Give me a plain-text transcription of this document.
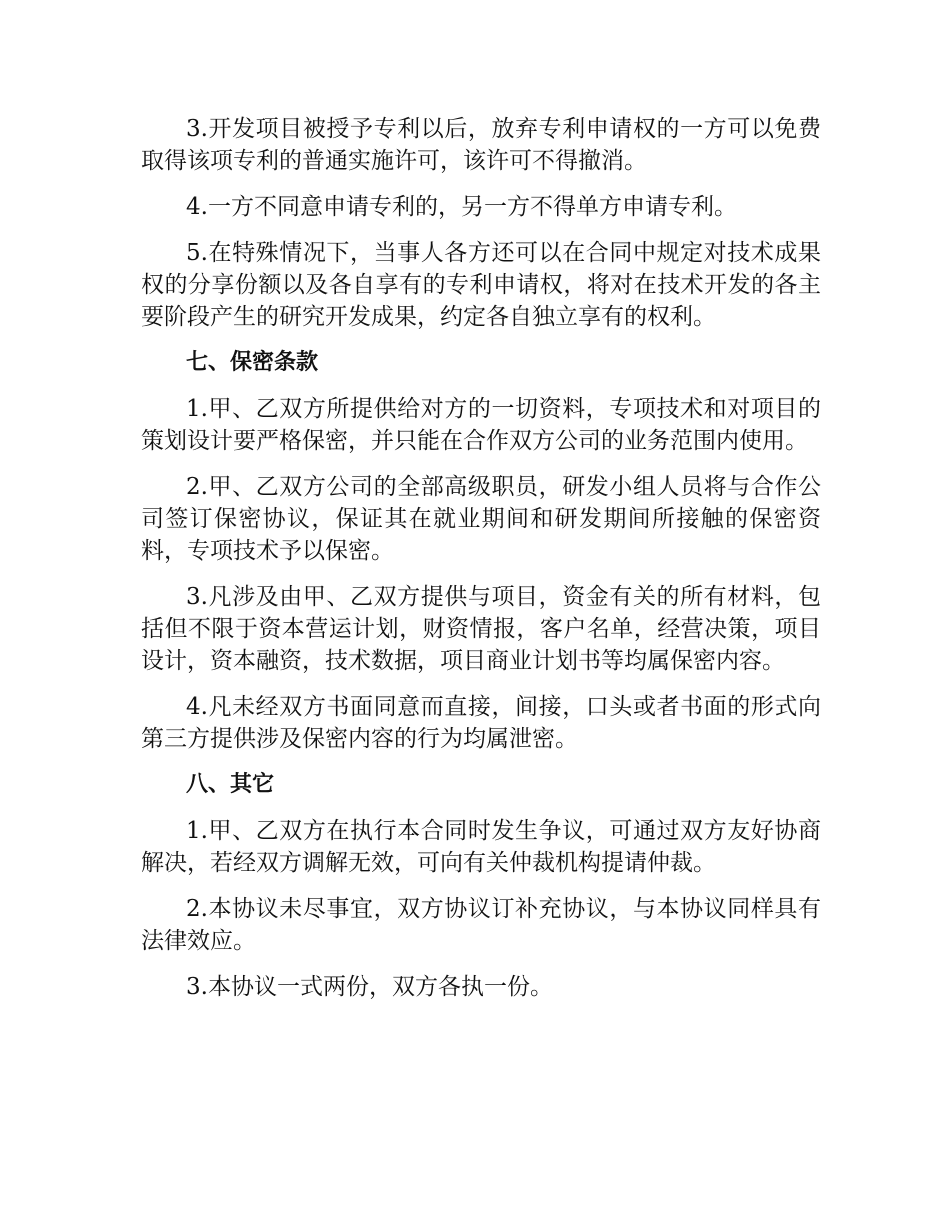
3.开发项目被授予专利以后，放弃专利申请权的一方可以免费取得该项专利的普通实施许可，该许可不得撤消。

4.一方不同意申请专利的，另一方不得单方申请专利。

5.在特殊情况下，当事人各方还可以在合同中规定对技术成果权的分享份额以及各自享有的专利申请权，将对在技术开发的各主要阶段产生的研究开发成果，约定各自独立享有的权利。

七、保密条款

1.甲、乙双方所提供给对方的一切资料，专项技术和对项目的策划设计要严格保密，并只能在合作双方公司的业务范围内使用。

2.甲、乙双方公司的全部高级职员，研发小组人员将与合作公司签订保密协议，保证其在就业期间和研发期间所接触的保密资料，专项技术予以保密。

3.凡涉及由甲、乙双方提供与项目，资金有关的所有材料，包括但不限于资本营运计划，财资情报，客户名单，经营决策，项目设计，资本融资，技术数据，项目商业计划书等均属保密内容。

4.凡未经双方书面同意而直接，间接，口头或者书面的形式向第三方提供涉及保密内容的行为均属泄密。

八、其它

1.甲、乙双方在执行本合同时发生争议，可通过双方友好协商解决，若经双方调解无效，可向有关仲裁机构提请仲裁。

2.本协议未尽事宜，双方协议订补充协议，与本协议同样具有法律效应。

3.本协议一式两份，双方各执一份。
